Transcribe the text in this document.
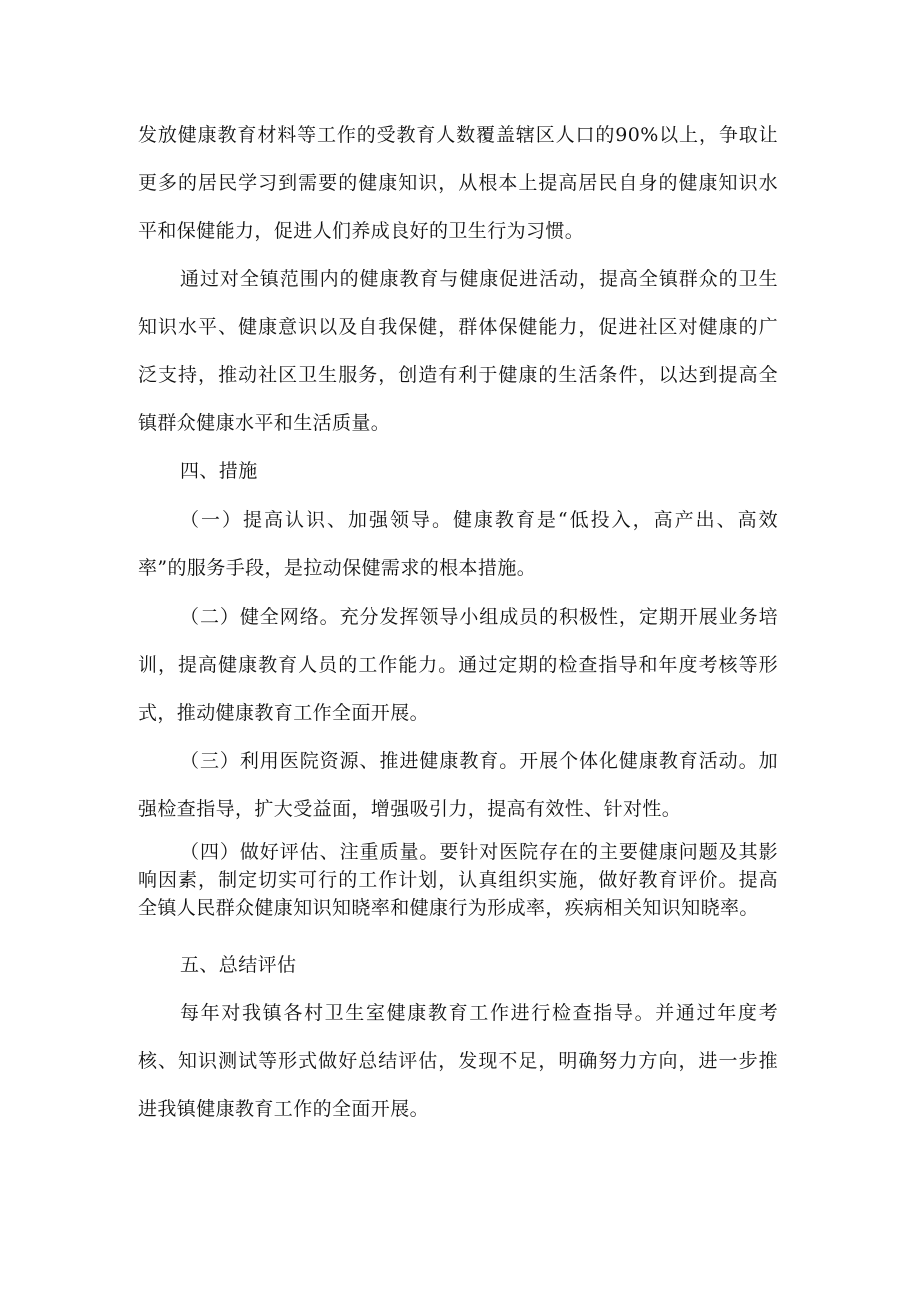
发放健康教育材料等工作的受教育人数覆盖辖区人口的90%以上，争取让更多的居民学习到需要的健康知识，从根本上提高居民自身的健康知识水平和保健能力，促进人们养成良好的卫生行为习惯。

通过对全镇范围内的健康教育与健康促进活动，提高全镇群众的卫生知识水平、健康意识以及自我保健，群体保健能力，促进社区对健康的广泛支持，推动社区卫生服务，创造有利于健康的生活条件，以达到提高全镇群众健康水平和生活质量。

四、措施

（一）提高认识、加强领导。健康教育是“低投入，高产出、高效率”的服务手段，是拉动保健需求的根本措施。

（二）健全网络。充分发挥领导小组成员的积极性，定期开展业务培训，提高健康教育人员的工作能力。通过定期的检查指导和年度考核等形式，推动健康教育工作全面开展。

（三）利用医院资源、推进健康教育。开展个体化健康教育活动。加强检查指导，扩大受益面，增强吸引力，提高有效性、针对性。

（四）做好评估、注重质量。要针对医院存在的主要健康问题及其影响因素，制定切实可行的工作计划，认真组织实施，做好教育评价。提高全镇人民群众健康知识知晓率和健康行为形成率，疾病相关知识知晓率。

五、总结评估

每年对我镇各村卫生室健康教育工作进行检查指导。并通过年度考核、知识测试等形式做好总结评估，发现不足，明确努力方向，进一步推进我镇健康教育工作的全面开展。
